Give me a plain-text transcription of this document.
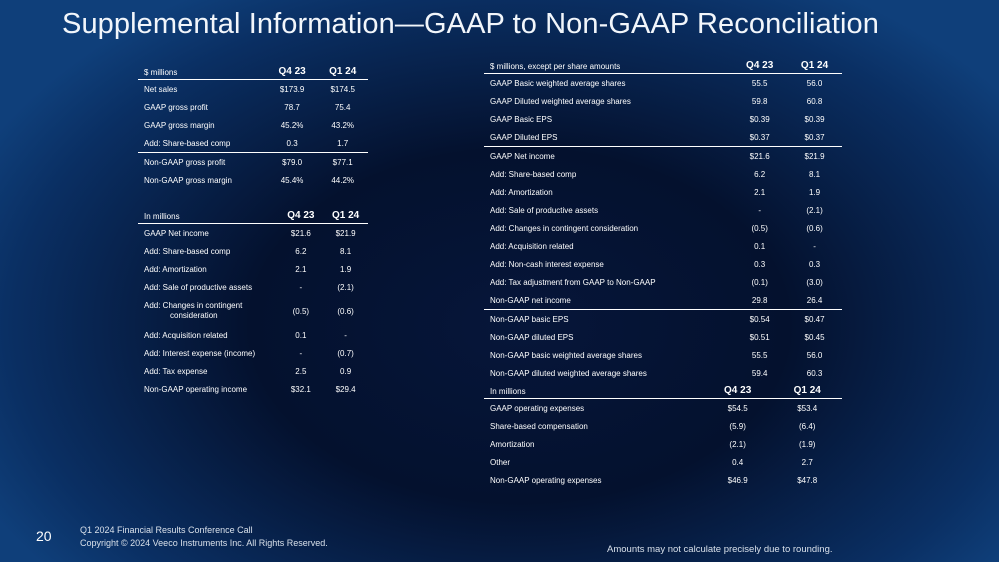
Supplemental Information—GAAP to Non-GAAP Reconciliation
$ millions	Q4 23	Q1 24
Net sales	$173.9	$174.5
GAAP gross profit	78.7	75.4
GAAP gross margin	45.2%	43.2%
Add: Share-based comp	0.3	1.7
Non-GAAP gross profit	$79.0	$77.1
Non-GAAP gross margin	45.4%	44.2%
In millions	Q4 23	Q1 24
GAAP Net income	$21.6	$21.9
Add: Share-based comp	6.2	8.1
Add: Amortization	2.1	1.9
Add: Sale of productive assets	-	(2.1)

Add: Changes in contingent
consideration	(0.5)	(0.6)
Add: Acquisition related	0.1	-
Add: Interest expense (income)	-	(0.7)
Add: Tax expense	2.5	0.9
Non-GAAP operating income	$32.1	$29.4
$ millions, except per share amounts	Q4 23	Q1 24
GAAP Basic weighted average shares	55.5	56.0
GAAP Diluted weighted average shares	59.8	60.8
GAAP Basic EPS	$0.39	$0.39
GAAP Diluted EPS	$0.37	$0.37
GAAP Net income	$21.6	$21.9
Add: Share-based comp	6.2	8.1
Add: Amortization	2.1	1.9
Add: Sale of productive assets	-	(2.1)
Add: Changes in contingent consideration	(0.5)	(0.6)
Add: Acquisition related	0.1	-
Add: Non-cash interest expense	0.3	0.3
Add: Tax adjustment from GAAP to Non-GAAP	(0.1)	(3.0)
Non-GAAP net income	29.8	26.4
Non-GAAP basic EPS	$0.54	$0.47
Non-GAAP diluted EPS	$0.51	$0.45
Non-GAAP basic weighted average shares	55.5	56.0
Non-GAAP diluted weighted average shares	59.4	60.3
In millions	Q4 23	Q1 24
GAAP operating expenses	$54.5	$53.4
Share-based compensation	(5.9)	(6.4)
Amortization	(2.1)	(1.9)
Other	0.4	2.7
Non-GAAP operating expenses	$46.9	$47.8
20	Q1 2024 Financial Results Conference Call
Copyright © 2024 Veeco Instruments Inc. All Rights Reserved.
Amounts may not calculate precisely due to rounding.
